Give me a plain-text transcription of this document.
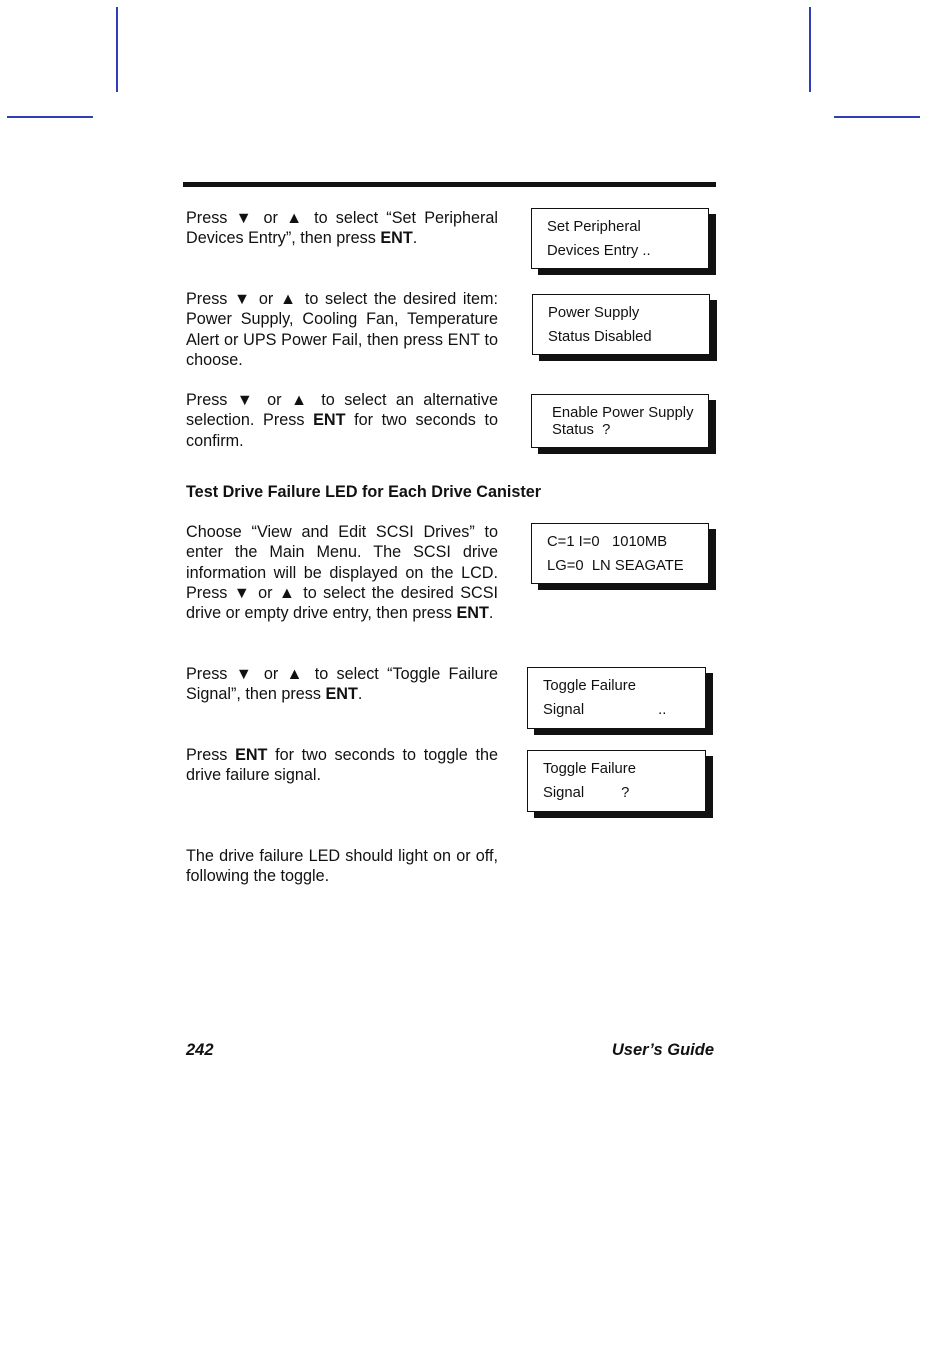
Press ▼ or ▲ to select “Set Peripheral Devices Entry”, then press ENT.

Set Peripheral
Devices Entry ..

Press ▼ or ▲ to select the desired item: Power Supply, Cooling Fan, Temperature Alert or UPS Power Fail, then press ENT to choose.

Power Supply
Status Disabled

Press ▼ or ▲ to select an alternative selection. Press ENT for two seconds to confirm.

Enable Power Supply
Status  ?
Test Drive Failure LED for Each Drive Canister

Choose “View and Edit SCSI Drives” to enter the Main Menu. The SCSI drive information will be displayed on the LCD. Press ▼ or ▲ to select the desired SCSI drive or empty drive entry, then press ENT.

C=1 I=0   1010MB
LG=0  LN SEAGATE

Press ▼ or ▲ to select “Toggle Failure Signal”, then press ENT.	Toggle Failure
Signal                  ..

Press ENT for two seconds to toggle the drive failure signal.	Toggle Failure
Signal         ?

The drive failure LED should light on or off, following the toggle.

242	User’s Guide
